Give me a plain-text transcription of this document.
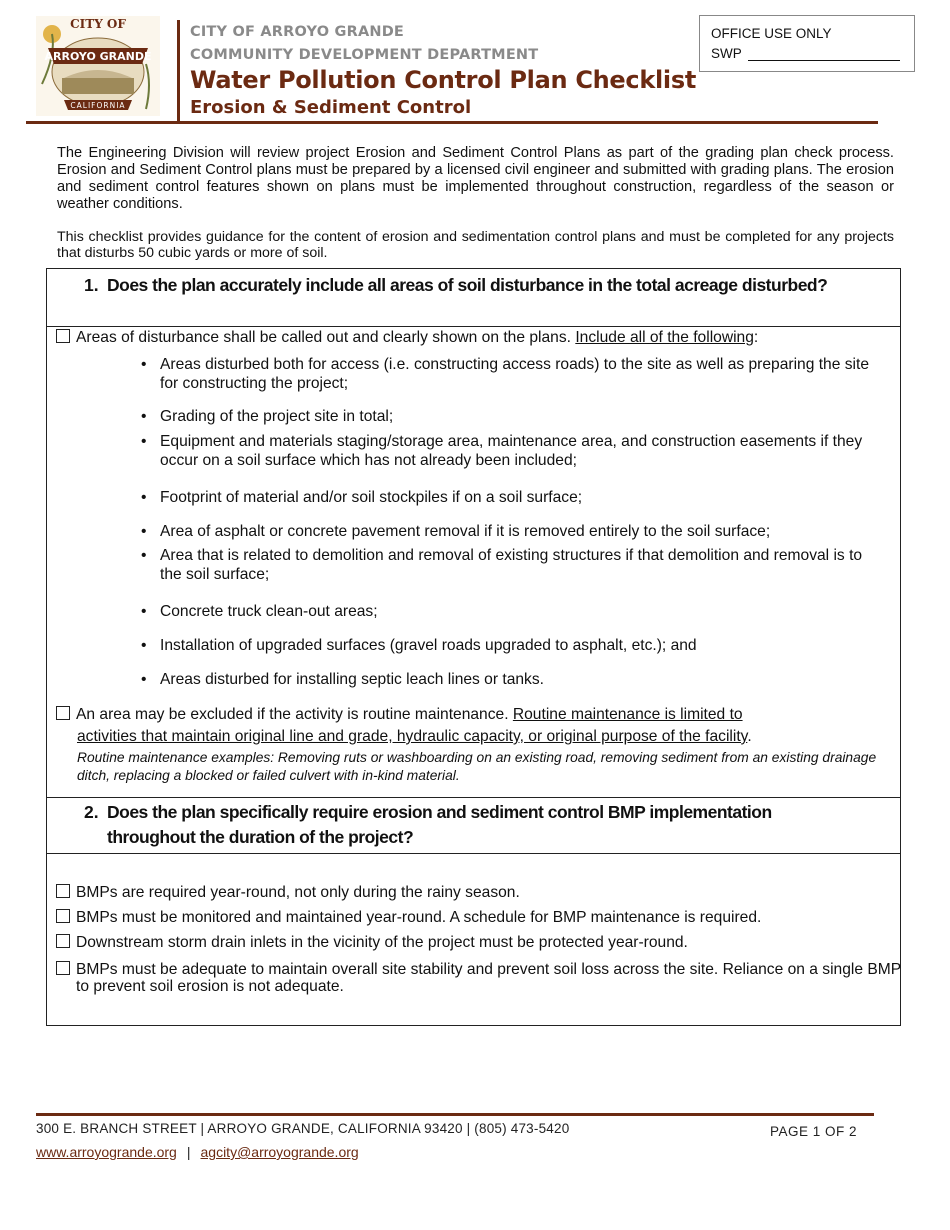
CITY OF
ARROYO GRANDE
CALIFORNIA
CITY OF ARROYO GRANDE
COMMUNITY DEVELOPMENT DEPARTMENT
Water Pollution Control Plan Checklist
Erosion & Sediment Control
OFFICE USE ONLY
SWP
The Engineering Division will review project Erosion and Sediment Control Plans as part of the grading plan check process. Erosion and Sediment Control plans must be prepared by a licensed civil engineer and submitted with grading plans. The erosion and sediment control features shown on plans must be implemented throughout construction, regardless of the season or weather conditions.
This checklist provides guidance for the content of erosion and sedimentation control plans and must be completed for any projects that disturbs 50 cubic yards or more of soil.
1. Does the plan accurately include all areas of soil disturbance in the total acreage disturbed?
Areas of disturbance shall be called out and clearly shown on the plans. Include all of the following:
• Areas disturbed both for access (i.e. constructing access roads) to the site as well as preparing the site for constructing the project;
• Grading of the project site in total;
• Equipment and materials staging/storage area, maintenance area, and construction easements if they occur on a soil surface which has not already been included;
• Footprint of material and/or soil stockpiles if on a soil surface;
• Area of asphalt or concrete pavement removal if it is removed entirely to the soil surface;
• Area that is related to demolition and removal of existing structures if that demolition and removal is to the soil surface;
• Concrete truck clean-out areas;
• Installation of upgraded surfaces (gravel roads upgraded to asphalt, etc.); and
• Areas disturbed for installing septic leach lines or tanks.
An area may be excluded if the activity is routine maintenance. Routine maintenance is limited to
activities that maintain original line and grade, hydraulic capacity, or original purpose of the facility.
Routine maintenance examples: Removing ruts or washboarding on an existing road, removing sediment from an existing drainage ditch, replacing a blocked or failed culvert with in-kind material.
2. Does the plan specifically require erosion and sediment control BMP implementation throughout the duration of the project?
BMPs are required year-round, not only during the rainy season.
BMPs must be monitored and maintained year-round. A schedule for BMP maintenance is required.
Downstream storm drain inlets in the vicinity of the project must be protected year-round.
BMPs must be adequate to maintain overall site stability and prevent soil loss across the site. Reliance on a single BMP to prevent soil erosion is not adequate.
300 E. BRANCH STREET | ARROYO GRANDE, CALIFORNIA 93420 | (805) 473-5420	PAGE 1 OF 2
www.arroyogrande.org | agcity@arroyogrande.org
